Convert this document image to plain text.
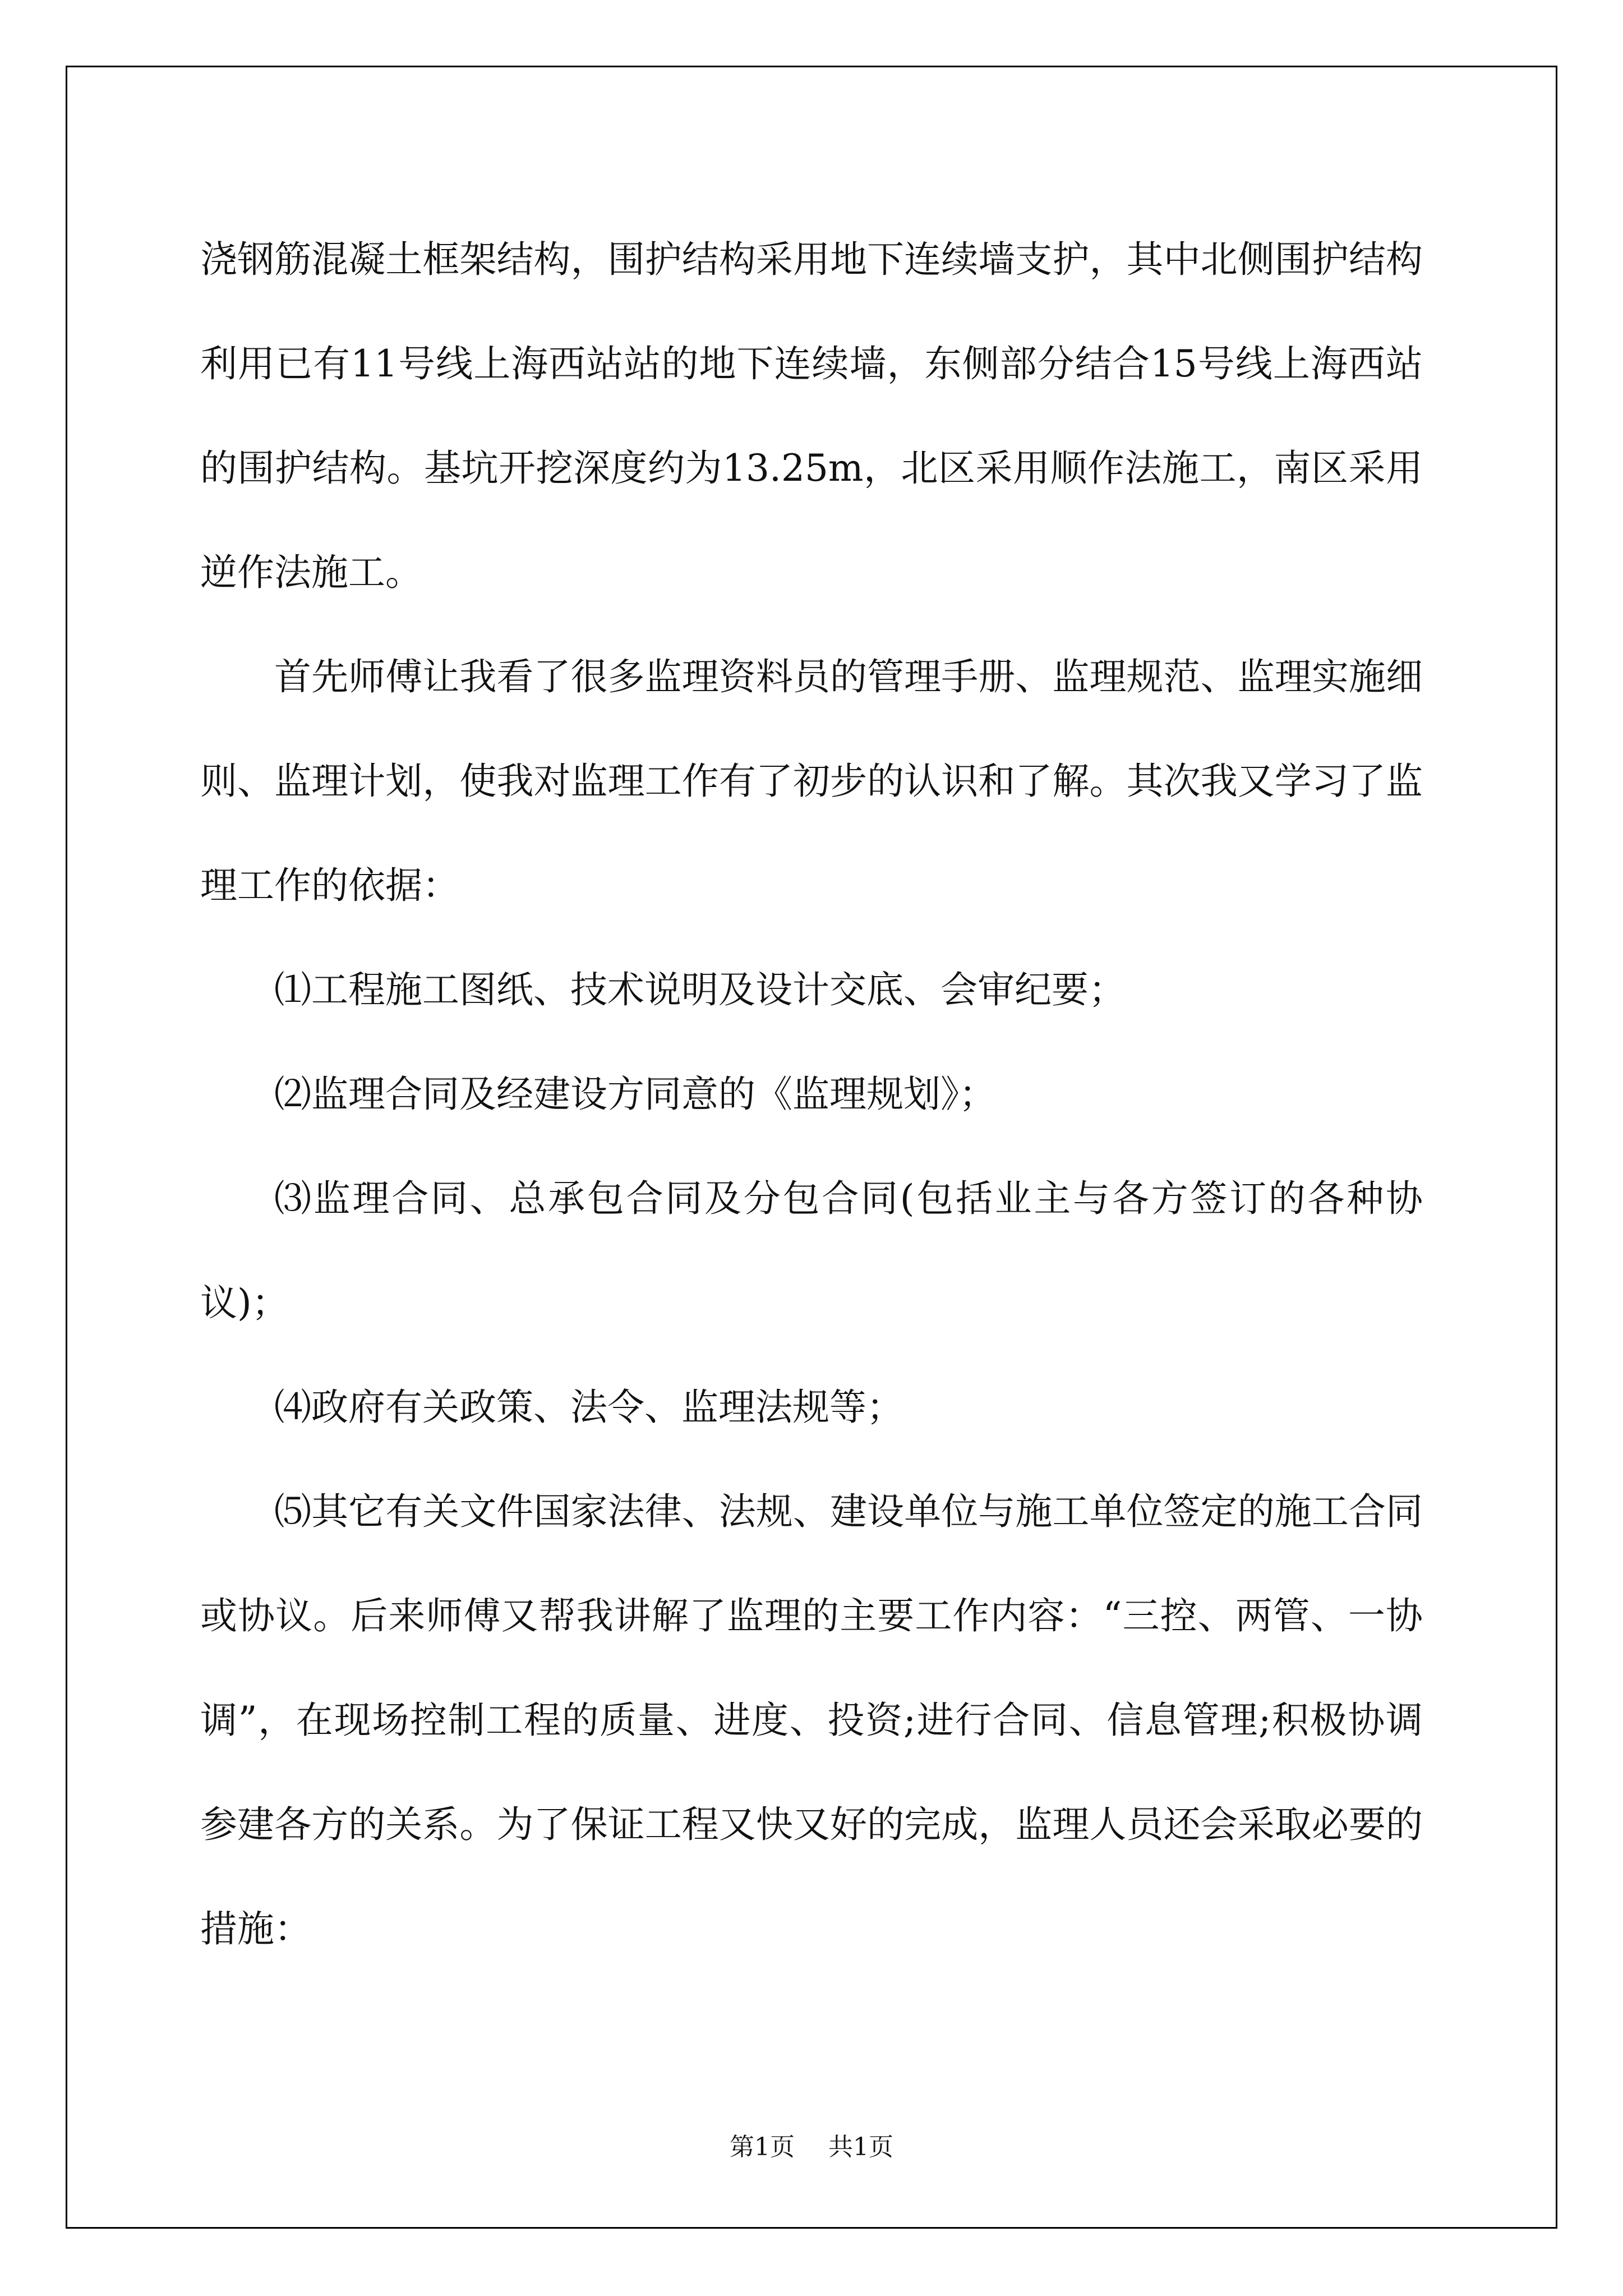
浇钢筋混凝土框架结构，围护结构采用地下连续墙支护，其中北侧围护结构利用已有11号线上海西站站的地下连续墙，东侧部分结合15号线上海西站的围护结构。基坑开挖深度约为13.25m，北区采用顺作法施工，南区采用逆作法施工。

首先师傅让我看了很多监理资料员的管理手册、监理规范、监理实施细则、监理计划，使我对监理工作有了初步的认识和了解。其次我又学习了监理工作的依据：

⑴工程施工图纸、技术说明及设计交底、会审纪要；

⑵监理合同及经建设方同意的《监理规划》；

⑶监理合同、总承包合同及分包合同(包括业主与各方签订的各种协议)；

⑷政府有关政策、法令、监理法规等；

⑸其它有关文件国家法律、法规、建设单位与施工单位签定的施工合同或协议。后来师傅又帮我讲解了监理的主要工作内容：“三控、两管、一协调”，在现场控制工程的质量、进度、投资;进行合同、信息管理;积极协调参建各方的关系。为了保证工程又快又好的完成，监理人员还会采取必要的措施：

第1页 共1页
